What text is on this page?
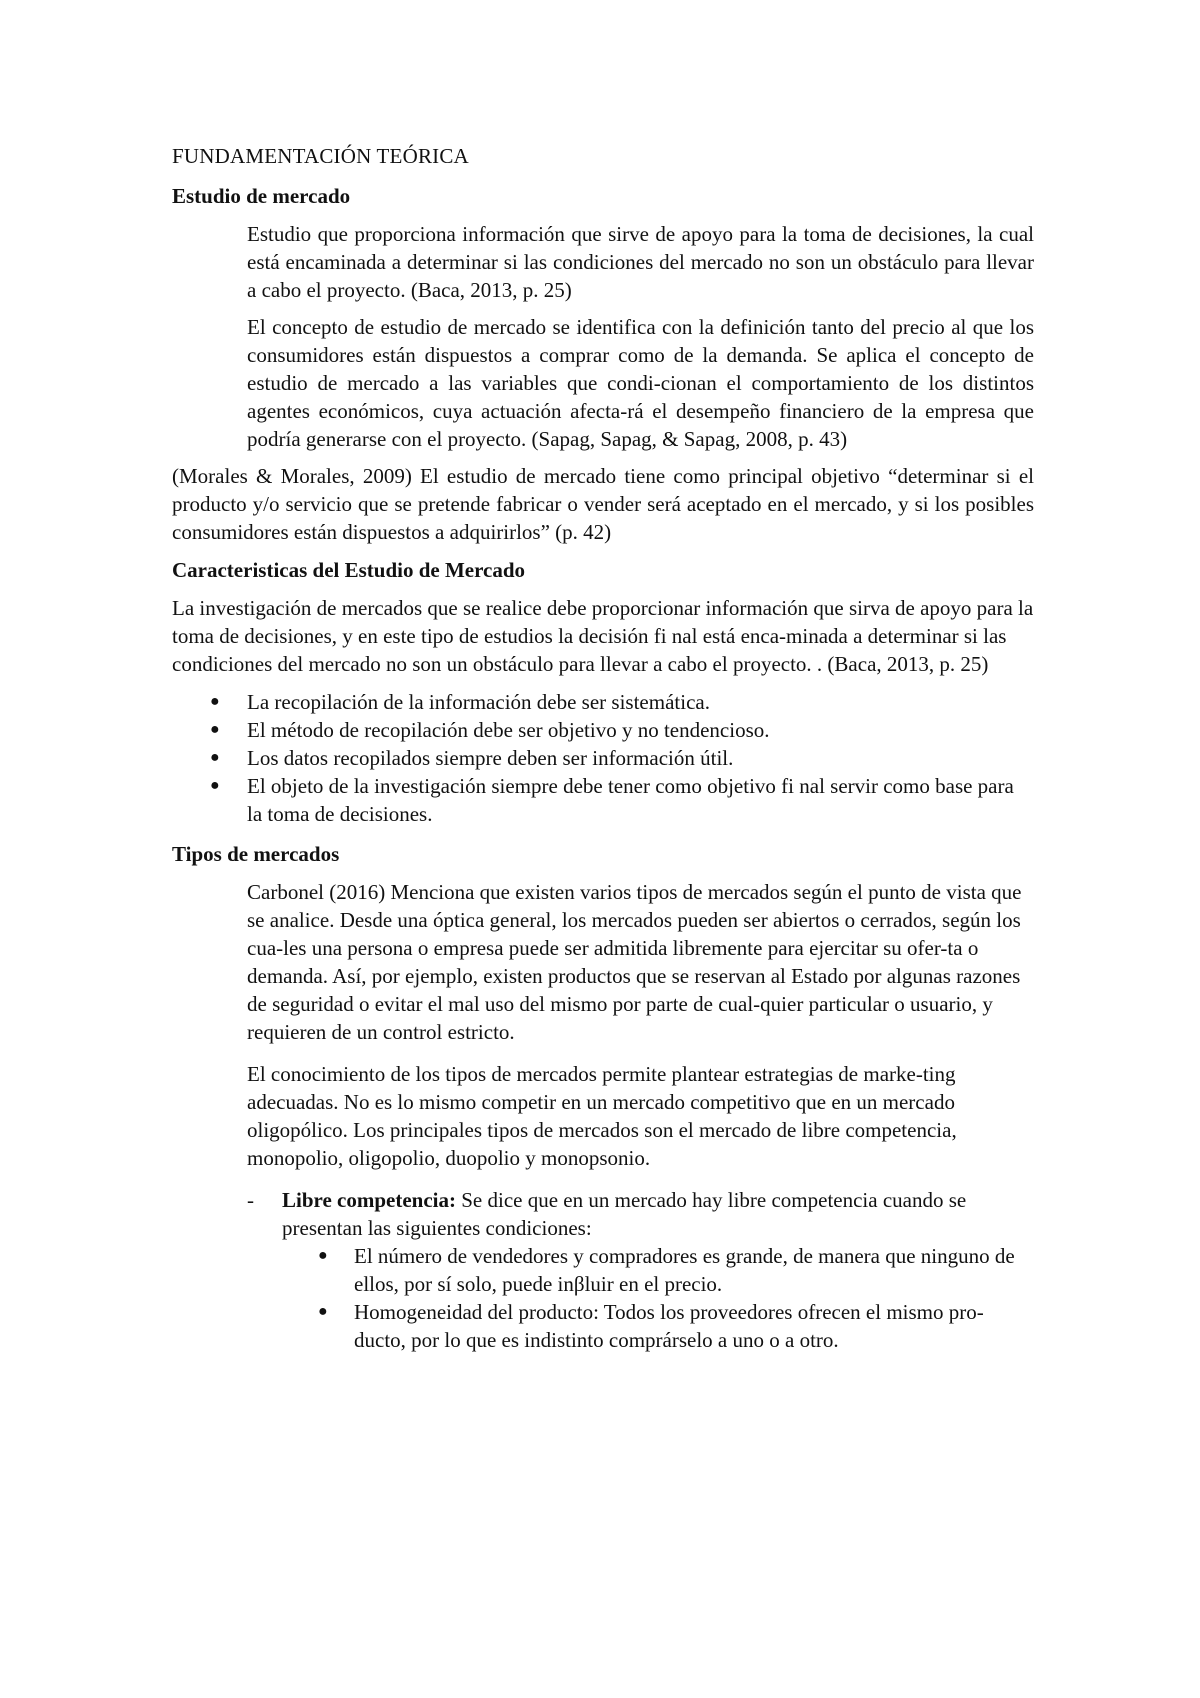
FUNDAMENTACIÓN TEÓRICA
Estudio de mercado

Estudio que proporciona información que sirve de apoyo para la toma de decisiones, la cual está encaminada a determinar si las condiciones del mercado no son un obstáculo para llevar a cabo el proyecto. (Baca, 2013, p. 25)

El concepto de estudio de mercado se identifica con la definición tanto del precio al que los consumidores están dispuestos a comprar como de la demanda. Se aplica el concepto de estudio de mercado a las variables que condi-cionan el comportamiento de los distintos agentes económicos, cuya actuación afecta-rá el desempeño financiero de la empresa que podría generarse con el proyecto. (Sapag, Sapag, & Sapag, 2008, p. 43)

(Morales & Morales, 2009) El estudio de mercado tiene como principal objetivo “determinar si el producto y/o servicio que se pretende fabricar o vender será aceptado en el mercado, y si los posibles consumidores están dispuestos a adquirirlos” (p. 42)

Caracteristicas del Estudio de Mercado

La investigación de mercados que se realice debe proporcionar información que sirva de apoyo para la toma de decisiones, y en este tipo de estudios la decisión fi nal está enca-minada a determinar si las condiciones del mercado no son un obstáculo para llevar a cabo el proyecto. . (Baca, 2013, p. 25)

● La recopilación de la información debe ser sistemática.
● El método de recopilación debe ser objetivo y no tendencioso.
● Los datos recopilados siempre deben ser información útil.
● El objeto de la investigación siempre debe tener como objetivo fi nal servir como base para la toma de decisiones.
Tipos de mercados

Carbonel (2016) Menciona que existen varios tipos de mercados según el punto de vista que se analice. Desde una óptica general, los mercados pueden ser abiertos o cerrados, según los cua-les una persona o empresa puede ser admitida libremente para ejercitar su ofer-ta o demanda. Así, por ejemplo, existen productos que se reservan al Estado por algunas razones de seguridad o evitar el mal uso del mismo por parte de cual-quier particular o usuario, y requieren de un control estricto.

El conocimiento de los tipos de mercados permite plantear estrategias de marke-ting adecuadas. No es lo mismo competir en un mercado competitivo que en un mercado oligopólico. Los principales tipos de mercados son el mercado de libre competencia, monopolio, oligopolio, duopolio y monopsonio.

- Libre competencia: Se dice que en un mercado hay libre competencia cuando se presentan las siguientes condiciones:
● El número de vendedores y compradores es grande, de manera que ninguno de ellos, por sí solo, puede inβluir en el precio.
● Homogeneidad del producto: Todos los proveedores ofrecen el mismo pro-ducto, por lo que es indistinto comprárselo a uno o a otro.
